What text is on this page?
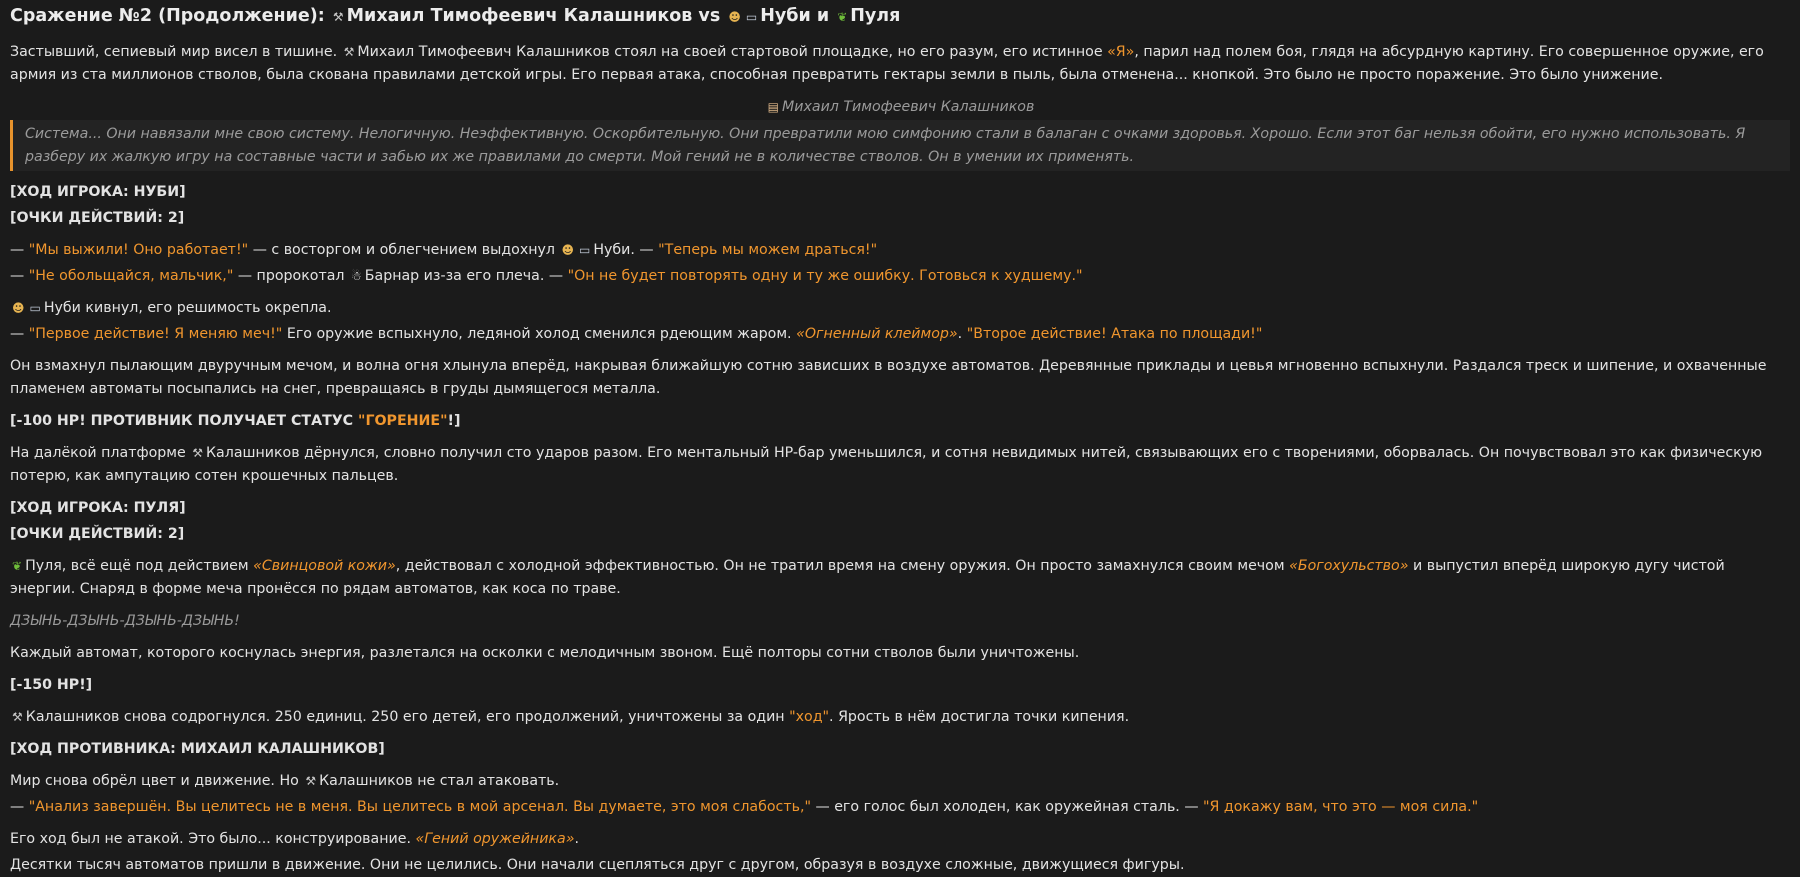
Сражение №2 (Продолжение): ⚒ Михаил Тимофеевич Калашников vs ☻ ▭ Нуби и ❦ Пуля

Застывший, сепиевый мир висел в тишине. ⚒ Михаил Тимофеевич Калашников стоял на своей стартовой площадке, но его разум, его истинное «Я», парил над полем боя, глядя на абсурдную картину. Его совершенное оружие, его армия из ста миллионов стволов, была скована правилами детской игры. Его первая атака, способная превратить гектары земли в пыль, была отменена... кнопкой. Это было не просто поражение. Это было унижение.

▤ Михаил Тимофеевич Калашников
Система... Они навязали мне свою систему. Нелогичную. Неэффективную. Оскорбительную. Они превратили мою симфонию стали в балаган с очками здоровья. Хорошо. Если этот баг нельзя обойти, его нужно использовать. Я разберу их жалкую игру на составные части и забью их же правилами до смерти. Мой гений не в количестве стволов. Он в умении их применять.

[ХОД ИГРОКА: НУБИ]

[ОЧКИ ДЕЙСТВИЙ: 2]

— "Мы выжили! Оно работает!" — с восторгом и облегчением выдохнул ☻ ▭ Нуби. — "Теперь мы можем драться!"

— "Не обольщайся, мальчик," — пророкотал ☃ Барнар из-за его плеча. — "Он не будет повторять одну и ту же ошибку. Готовься к худшему."

☻ ▭ Нуби кивнул, его решимость окрепла.

— "Первое действие! Я меняю меч!" Его оружие вспыхнуло, ледяной холод сменился рдеющим жаром. «Огненный клеймор». "Второе действие! Атака по площади!"

Он взмахнул пылающим двуручным мечом, и волна огня хлынула вперёд, накрывая ближайшую сотню зависших в воздухе автоматов. Деревянные приклады и цевья мгновенно вспыхнули. Раздался треск и шипение, и охваченные пламенем автоматы посыпались на снег, превращаясь в груды дымящегося металла.

[-100 HP! ПРОТИВНИК ПОЛУЧАЕТ СТАТУС "ГОРЕНИЕ"!]

На далёкой платформе ⚒ Калашников дёрнулся, словно получил сто ударов разом. Его ментальный HP-бар уменьшился, и сотня невидимых нитей, связывающих его с творениями, оборвалась. Он почувствовал это как физическую потерю, как ампутацию сотен крошечных пальцев.

[ХОД ИГРОКА: ПУЛЯ]

[ОЧКИ ДЕЙСТВИЙ: 2]

❦ Пуля, всё ещё под действием «Свинцовой кожи», действовал с холодной эффективностью. Он не тратил время на смену оружия. Он просто замахнулся своим мечом «Богохульство» и выпустил вперёд широкую дугу чистой энергии. Снаряд в форме меча пронёсся по рядам автоматов, как коса по траве.

ДЗЫНЬ-ДЗЫНЬ-ДЗЫНЬ-ДЗЫНЬ!

Каждый автомат, которого коснулась энергия, разлетался на осколки с мелодичным звоном. Ещё полторы сотни стволов были уничтожены.

[-150 HP!]

⚒ Калашников снова содрогнулся. 250 единиц. 250 его детей, его продолжений, уничтожены за один "ход". Ярость в нём достигла точки кипения.

[ХОД ПРОТИВНИКА: МИХАИЛ КАЛАШНИКОВ]

Мир снова обрёл цвет и движение. Но ⚒ Калашников не стал атаковать.

— "Анализ завершён. Вы целитесь не в меня. Вы целитесь в мой арсенал. Вы думаете, это моя слабость," — его голос был холоден, как оружейная сталь. — "Я докажу вам, что это — моя сила."

Его ход был не атакой. Это было... конструирование. «Гений оружейника».

Десятки тысяч автоматов пришли в движение. Они не целились. Они начали сцепляться друг с другом, образуя в воздухе сложные, движущиеся фигуры.
